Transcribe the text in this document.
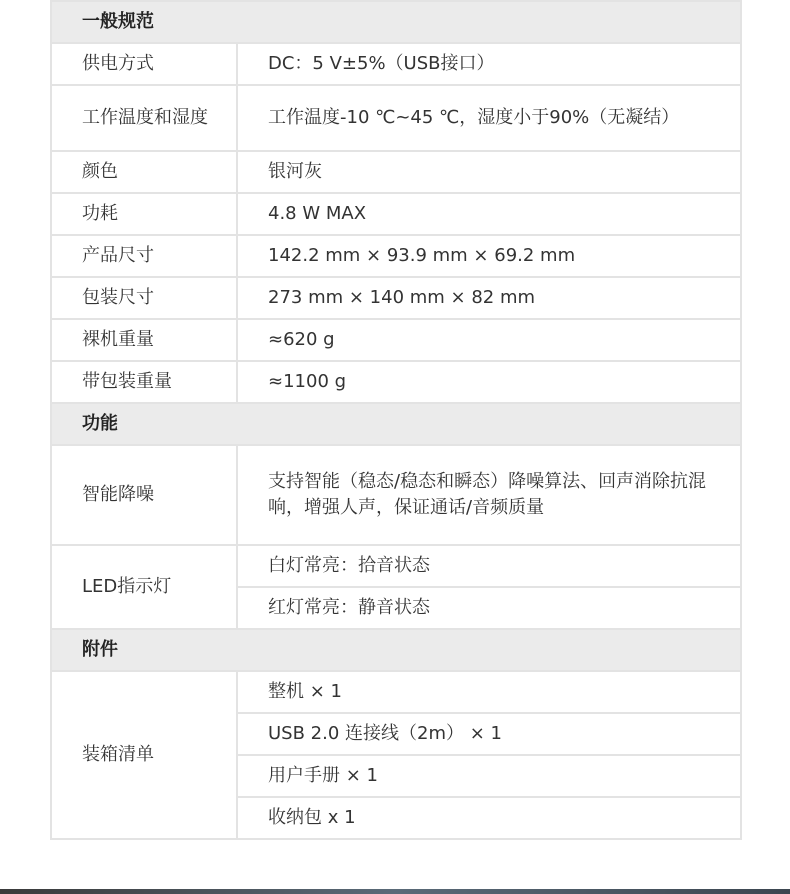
一般规范	
供电方式	DC：5 V±5%（USB接口）
工作温度和湿度	工作温度-10 ℃~45 ℃，湿度小于90%（无凝结）
颜色	银河灰
功耗	4.8 W MAX
产品尺寸	142.2 mm × 93.9 mm × 69.2 mm
包装尺寸	273 mm × 140 mm × 82 mm
裸机重量	≈620 g
带包装重量	≈1100 g
功能	
智能降噪	支持智能（稳态/稳态和瞬态）降噪算法、回声消除抗混响，增强人声，保证通话/音频质量
LED指示灯	白灯常亮：拾音状态
	红灯常亮：静音状态
附件	
装箱清单	整机 × 1
	USB 2.0 连接线（2m） × 1
	用户手册 × 1
	收纳包 x 1
